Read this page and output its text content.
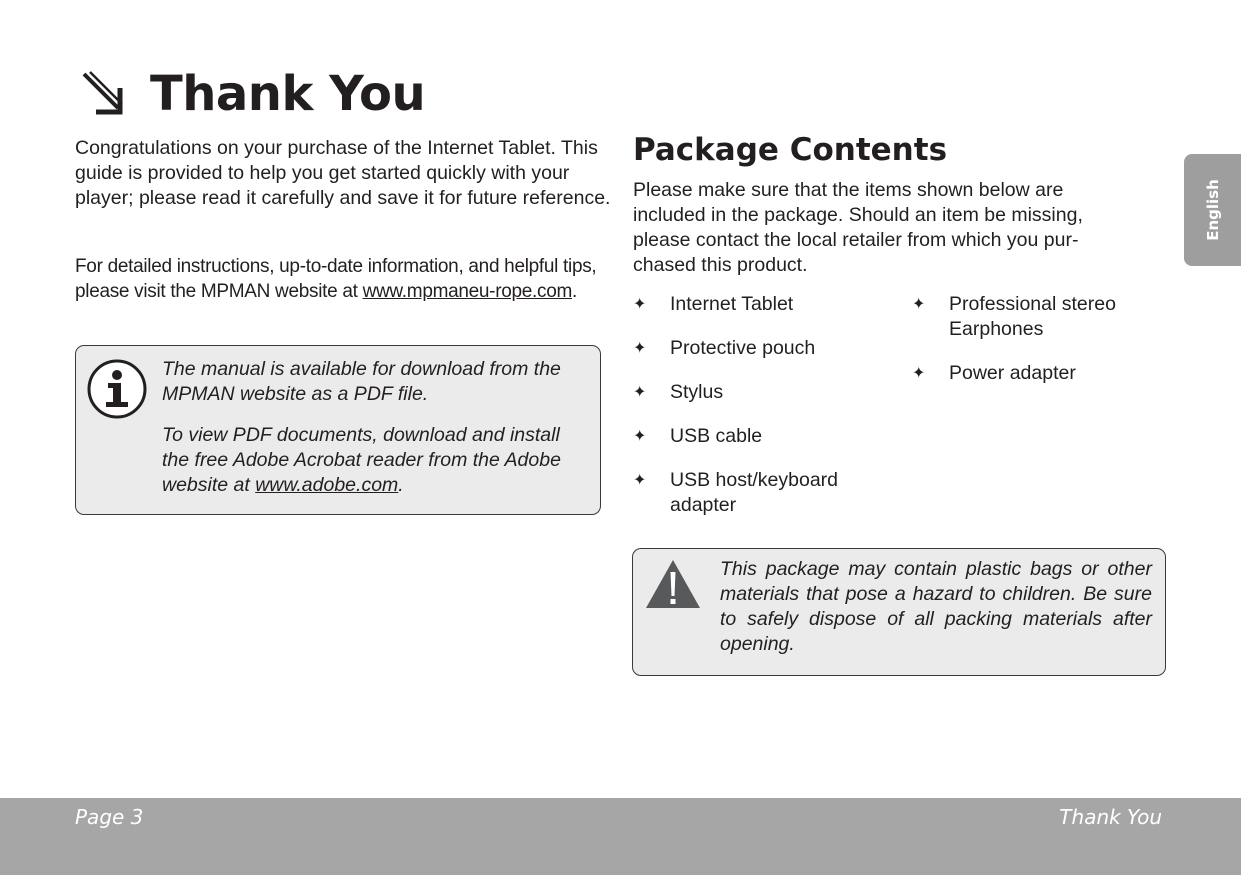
Thank You
Congratulations on your purchase of the Internet Tablet. This guide is provided to help you get started quickly with your player; please read it carefully and save it for future reference.
For detailed instructions, up-to-date information, and helpful tips, please visit the MPMAN website at www.mpmaneu-rope.com.
The manual is available for download from the MPMAN website as a PDF file.
To view PDF documents, download and install the free Adobe Acrobat reader from the Adobe website at www.adobe.com.
Package Contents
Please make sure that the items shown below are included in the package. Should an item be missing, please contact the local retailer from which you pur-chased this product.
✦ Internet Tablet
✦ Protective pouch
✦ Stylus
✦ USB cable
✦ USB host/keyboard adapter
✦ Professional stereo Earphones
✦ Power adapter
This package may contain plastic bags or other materials that pose a hazard to children. Be sure to safely dispose of all packing materials after opening.
English
Page 3	Thank You
